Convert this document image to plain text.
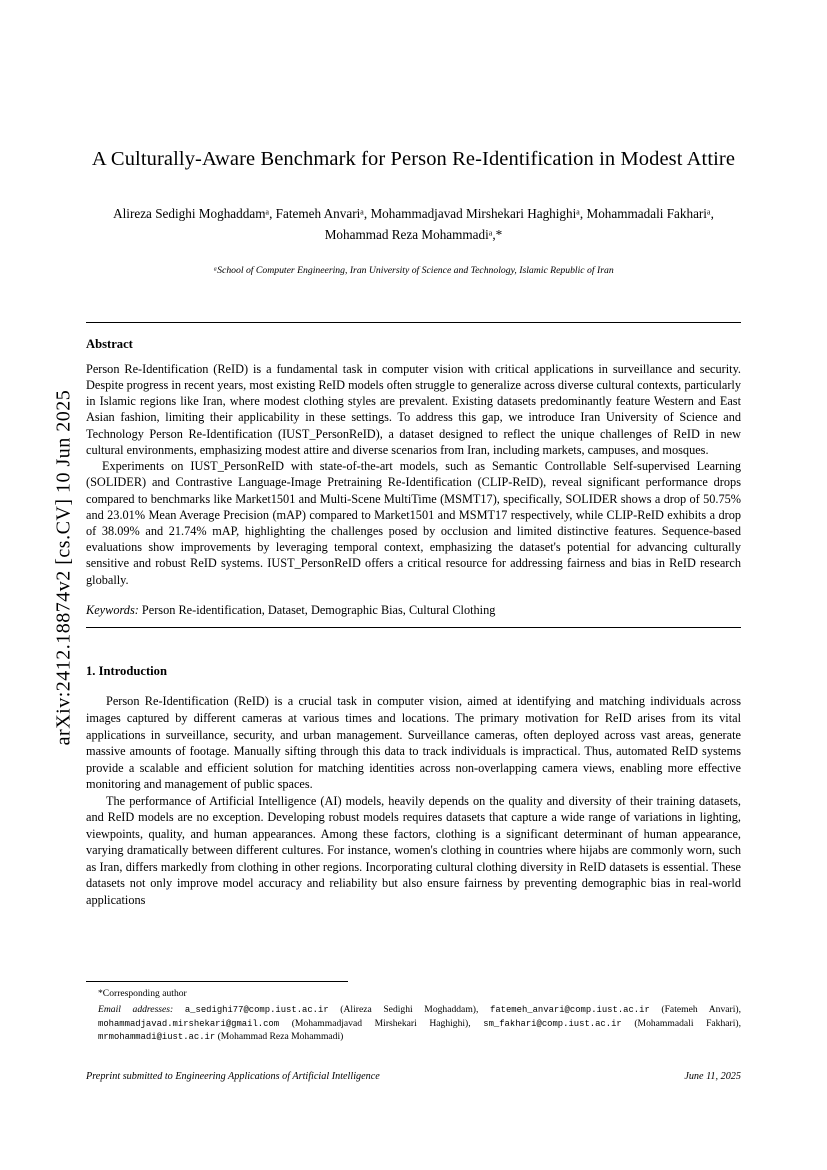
arXiv:2412.18874v2 [cs.CV] 10 Jun 2025
A Culturally-Aware Benchmark for Person Re-Identification in Modest Attire
Alireza Sedighi Moghaddamᵃ, Fatemeh Anvariᵃ, Mohammadjavad Mirshekari Haghighiᵃ, Mohammadali Fakhariᵃ,
Mohammad Reza Mohammadiᵃ,*
ᵃSchool of Computer Engineering, Iran University of Science and Technology, Islamic Republic of Iran
Abstract

Person Re-Identification (ReID) is a fundamental task in computer vision with critical applications in surveillance and security. Despite progress in recent years, most existing ReID models often struggle to generalize across diverse cultural contexts, particularly in Islamic regions like Iran, where modest clothing styles are prevalent. Existing datasets predominantly feature Western and East Asian fashion, limiting their applicability in these settings. To address this gap, we introduce Iran University of Science and Technology Person Re-Identification (IUST_PersonReID), a dataset designed to reflect the unique challenges of ReID in new cultural environments, emphasizing modest attire and diverse scenarios from Iran, including markets, campuses, and mosques.

Experiments on IUST_PersonReID with state-of-the-art models, such as Semantic Controllable Self-supervised Learning (SOLIDER) and Contrastive Language-Image Pretraining Re-Identification (CLIP-ReID), reveal significant performance drops compared to benchmarks like Market1501 and Multi-Scene MultiTime (MSMT17), specifically, SOLIDER shows a drop of 50.75% and 23.01% Mean Average Precision (mAP) compared to Market1501 and MSMT17 respectively, while CLIP-ReID exhibits a drop of 38.09% and 21.74% mAP, highlighting the challenges posed by occlusion and limited distinctive features. Sequence-based evaluations show improvements by leveraging temporal context, emphasizing the dataset's potential for advancing culturally sensitive and robust ReID systems. IUST_PersonReID offers a critical resource for addressing fairness and bias in ReID research globally.

Keywords: Person Re-identification, Dataset, Demographic Bias, Cultural Clothing
1. Introduction

Person Re-Identification (ReID) is a crucial task in computer vision, aimed at identifying and matching individuals across images captured by different cameras at various times and locations. The primary motivation for ReID arises from its vital applications in surveillance, security, and urban management. Surveillance cameras, often deployed across vast areas, generate massive amounts of footage. Manually sifting through this data to track individuals is impractical. Thus, automated ReID systems provide a scalable and efficient solution for matching identities across non-overlapping camera views, enabling more effective monitoring and management of public spaces.

The performance of Artificial Intelligence (AI) models, heavily depends on the quality and diversity of their training datasets, and ReID models are no exception. Developing robust models requires datasets that capture a wide range of variations in lighting, viewpoints, quality, and human appearances. Among these factors, clothing is a significant determinant of human appearance, varying dramatically between different cultures. For instance, women's clothing in countries where hijabs are commonly worn, such as Iran, differs markedly from clothing in other regions. Incorporating cultural clothing diversity in ReID datasets is essential. These datasets not only improve model accuracy and reliability but also ensure fairness by preventing demographic bias in real-world applications

*Corresponding author
Email addresses: a_sedighi77@comp.iust.ac.ir (Alireza Sedighi Moghaddam), fatemeh_anvari@comp.iust.ac.ir (Fatemeh Anvari), mohammadjavad.mirshekari@gmail.com (Mohammadjavad Mirshekari Haghighi), sm_fakhari@comp.iust.ac.ir (Mohammadali Fakhari), mrmohammadi@iust.ac.ir (Mohammad Reza Mohammadi)
Preprint submitted to Engineering Applications of Artificial Intelligence	June 11, 2025
